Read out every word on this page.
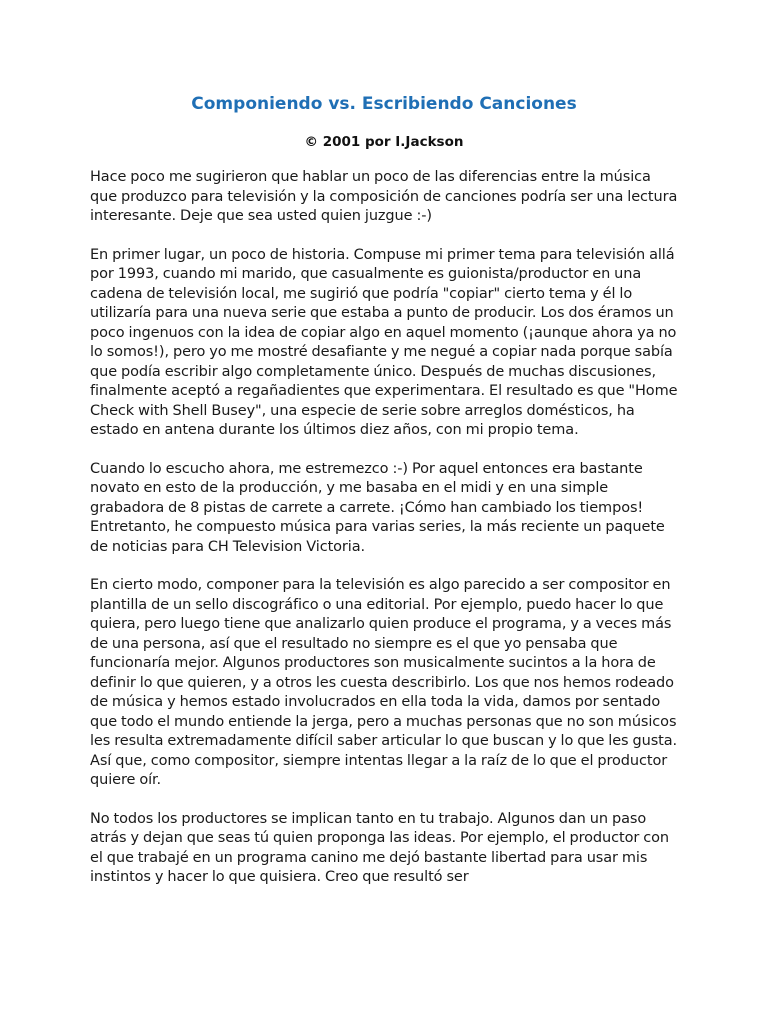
Componiendo vs. Escribiendo Canciones
© 2001 por I.Jackson

Hace poco me sugirieron que hablar un poco de las diferencias entre la música que produzco para televisión y la composición de canciones podría ser una lectura interesante. Deje que sea usted quien juzgue :-)

En primer lugar, un poco de historia. Compuse mi primer tema para televisión allá por 1993, cuando mi marido, que casualmente es guionista/productor en una cadena de televisión local, me sugirió que podría "copiar" cierto tema y él lo utilizaría para una nueva serie que estaba a punto de producir. Los dos éramos un poco ingenuos con la idea de copiar algo en aquel momento (¡aunque ahora ya no lo somos!), pero yo me mostré desafiante y me negué a copiar nada porque sabía que podía escribir algo completamente único. Después de muchas discusiones, finalmente aceptó a regañadientes que experimentara. El resultado es que "Home Check with Shell Busey", una especie de serie sobre arreglos domésticos, ha estado en antena durante los últimos diez años, con mi propio tema.

Cuando lo escucho ahora, me estremezco :-) Por aquel entonces era bastante novato en esto de la producción, y me basaba en el midi y en una simple grabadora de 8 pistas de carrete a carrete. ¡Cómo han cambiado los tiempos! Entretanto, he compuesto música para varias series, la más reciente un paquete de noticias para CH Television Victoria.

En cierto modo, componer para la televisión es algo parecido a ser compositor en plantilla de un sello discográfico o una editorial. Por ejemplo, puedo hacer lo que quiera, pero luego tiene que analizarlo quien produce el programa, y a veces más de una persona, así que el resultado no siempre es el que yo pensaba que funcionaría mejor. Algunos productores son musicalmente sucintos a la hora de definir lo que quieren, y a otros les cuesta describirlo. Los que nos hemos rodeado de música y hemos estado involucrados en ella toda la vida, damos por sentado que todo el mundo entiende la jerga, pero a muchas personas que no son músicos les resulta extremadamente difícil saber articular lo que buscan y lo que les gusta. Así que, como compositor, siempre intentas llegar a la raíz de lo que el productor quiere oír.

No todos los productores se implican tanto en tu trabajo. Algunos dan un paso atrás y dejan que seas tú quien proponga las ideas. Por ejemplo, el productor con el que trabajé en un programa canino me dejó bastante libertad para usar mis instintos y hacer lo que quisiera. Creo que resultó ser
